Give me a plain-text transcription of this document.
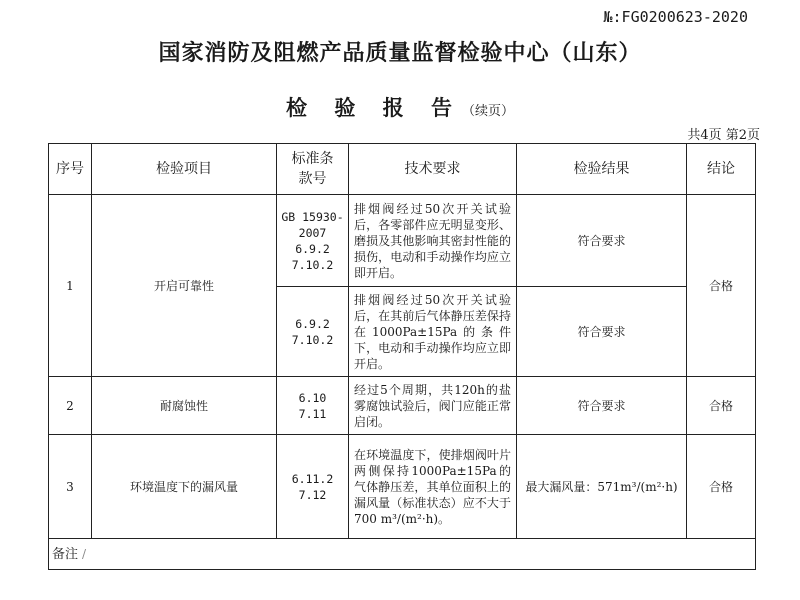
№:FG0200623-2020
国家消防及阻燃产品质量监督检验中心（山东）
检 验 报 告（续页）
共4页 第2页
序号	检验项目	标准条
款号	技术要求	检验结果	结论
1	开启可靠性	GB 15930-
2007
6.9.2
7.10.2	排烟阀经过50次开关试验后，各零部件应无明显变形、磨损及其他影响其密封性能的损伤，电动和手动操作均应立即开启。	符合要求	合格

		6.9.2
7.10.2	排烟阀经过50次开关试验后，在其前后气体静压差保持在1000Pa±15Pa的条件下，电动和手动操作均应立即开启。	符合要求	
2	耐腐蚀性	6.10
7.11	经过5个周期，共120h的盐雾腐蚀试验后，阀门应能正常启闭。	符合要求	合格
3	环境温度下的漏风量	6.11.2
7.12	在环境温度下，使排烟阀叶片两侧保持1000Pa±15Pa的气体静压差，其单位面积上的漏风量（标准状态）应不大于700 m³/(m²·h)。	最大漏风量：571m³/(m²·h)	合格
备注 /					
